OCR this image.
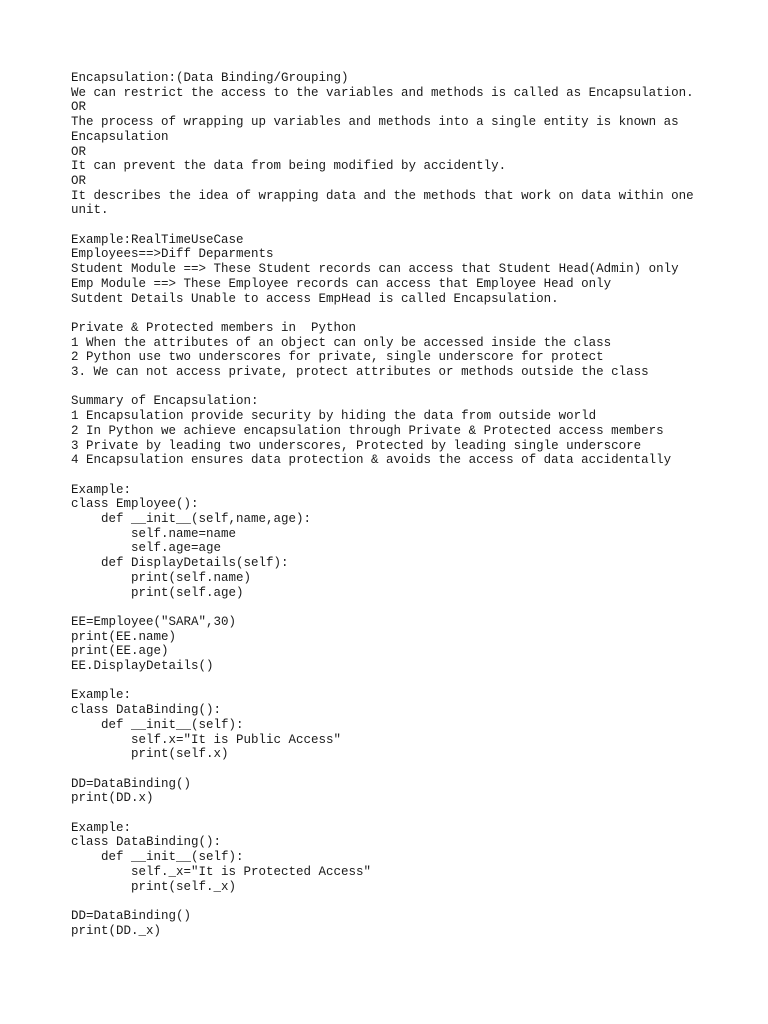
Encapsulation:(Data Binding/Grouping)
We can restrict the access to the variables and methods is called as Encapsulation.
OR
The process of wrapping up variables and methods into a single entity is known as
Encapsulation
OR
It can prevent the data from being modified by accidently.
OR
It describes the idea of wrapping data and the methods that work on data within one
unit.
Example:RealTimeUseCase
Employees==>Diff Deparments
Student Module ==> These Student records can access that Student Head(Admin) only
Emp Module ==> These Employee records can access that Employee Head only
Sutdent Details Unable to access EmpHead is called Encapsulation.
Private & Protected members in  Python
1 When the attributes of an object can only be accessed inside the class
2 Python use two underscores for private, single underscore for protect
3. We can not access private, protect attributes or methods outside the class
Summary of Encapsulation:
1 Encapsulation provide security by hiding the data from outside world
2 In Python we achieve encapsulation through Private & Protected access members
3 Private by leading two underscores, Protected by leading single underscore
4 Encapsulation ensures data protection & avoids the access of data accidentally
Example:
class Employee():
def __init__(self,name,age):
self.name=name
self.age=age
def DisplayDetails(self):
print(self.name)
print(self.age)
EE=Employee("SARA",30)
print(EE.name)
print(EE.age)
EE.DisplayDetails()
Example:
class DataBinding():
def __init__(self):
self.x="It is Public Access"
print(self.x)
DD=DataBinding()
print(DD.x)
Example:
class DataBinding():
def __init__(self):
self._x="It is Protected Access"
print(self._x)
DD=DataBinding()
print(DD._x)
